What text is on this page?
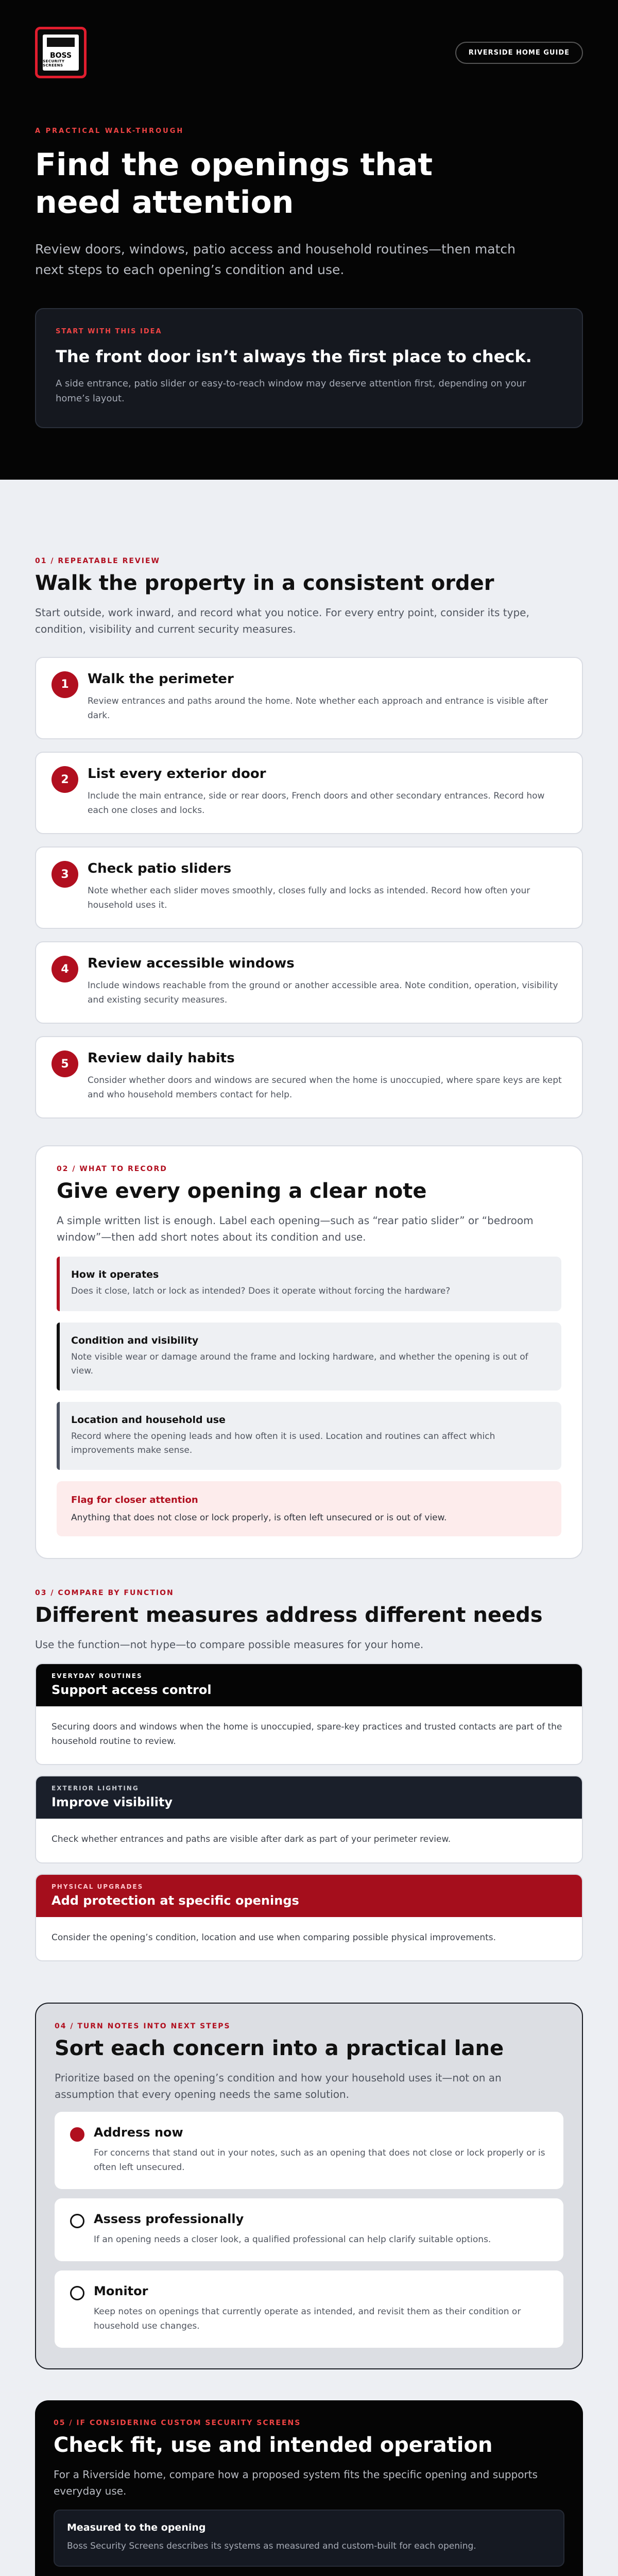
BOSS
SECURITY SCREENS
RIVERSIDE HOME GUIDE
A PRACTICAL WALK-THROUGH
Find the openings that need attention

Review doors, windows, patio access and household routines—then match next steps to each opening’s condition and use.

START WITH THIS IDEA
The front door isn’t always the first place to check.
A side entrance, patio slider or easy-to-reach window may deserve attention first, depending on your home’s layout.
01 / REPEATABLE REVIEW
Walk the property in a consistent order

Start outside, work inward, and record what you notice. For every entry point, consider its type, condition, visibility and current security measures.

1	Walk the perimeter
Review entrances and paths around the home. Note whether each approach and entrance is visible after dark.
2	List every exterior door
Include the main entrance, side or rear doors, French doors and other secondary entrances. Record how each one closes and locks.
3	Check patio sliders
Note whether each slider moves smoothly, closes fully and locks as intended. Record how often your household uses it.
4	Review accessible windows
Include windows reachable from the ground or another accessible area. Note condition, operation, visibility and existing security measures.
5	Review daily habits
Consider whether doors and windows are secured when the home is unoccupied, where spare keys are kept and who household members contact for help.
02 / WHAT TO RECORD
Give every opening a clear note

A simple written list is enough. Label each opening—such as “rear patio slider” or “bedroom window”—then add short notes about its condition and use.

How it operates
Does it close, latch or lock as intended? Does it operate without forcing the hardware?
Condition and visibility
Note visible wear or damage around the frame and locking hardware, and whether the opening is out of view.
Location and household use
Record where the opening leads and how often it is used. Location and routines can affect which improvements make sense.
Flag for closer attention
Anything that does not close or lock properly, is often left unsecured or is out of view.
03 / COMPARE BY FUNCTION
Different measures address different needs

Use the function—not hype—to compare possible measures for your home.

EVERYDAY ROUTINES
Support access control
Securing doors and windows when the home is unoccupied, spare-key practices and trusted contacts are part of the household routine to review.
EXTERIOR LIGHTING
Improve visibility
Check whether entrances and paths are visible after dark as part of your perimeter review.
PHYSICAL UPGRADES
Add protection at specific openings
Consider the opening’s condition, location and use when comparing possible physical improvements.
04 / TURN NOTES INTO NEXT STEPS
Sort each concern into a practical lane

Prioritize based on the opening’s condition and how your household uses it—not on an assumption that every opening needs the same solution.

Address now
For concerns that stand out in your notes, such as an opening that does not close or lock properly or is often left unsecured.
Assess professionally
If an opening needs a closer look, a qualified professional can help clarify suitable options.
Monitor
Keep notes on openings that currently operate as intended, and revisit them as their condition or household use changes.
05 / IF CONSIDERING CUSTOM SECURITY SCREENS
Check fit, use and intended operation

For a Riverside home, compare how a proposed system fits the specific opening and supports everyday use.

Measured to the opening
Boss Security Screens describes its systems as measured and custom-built for each opening.
